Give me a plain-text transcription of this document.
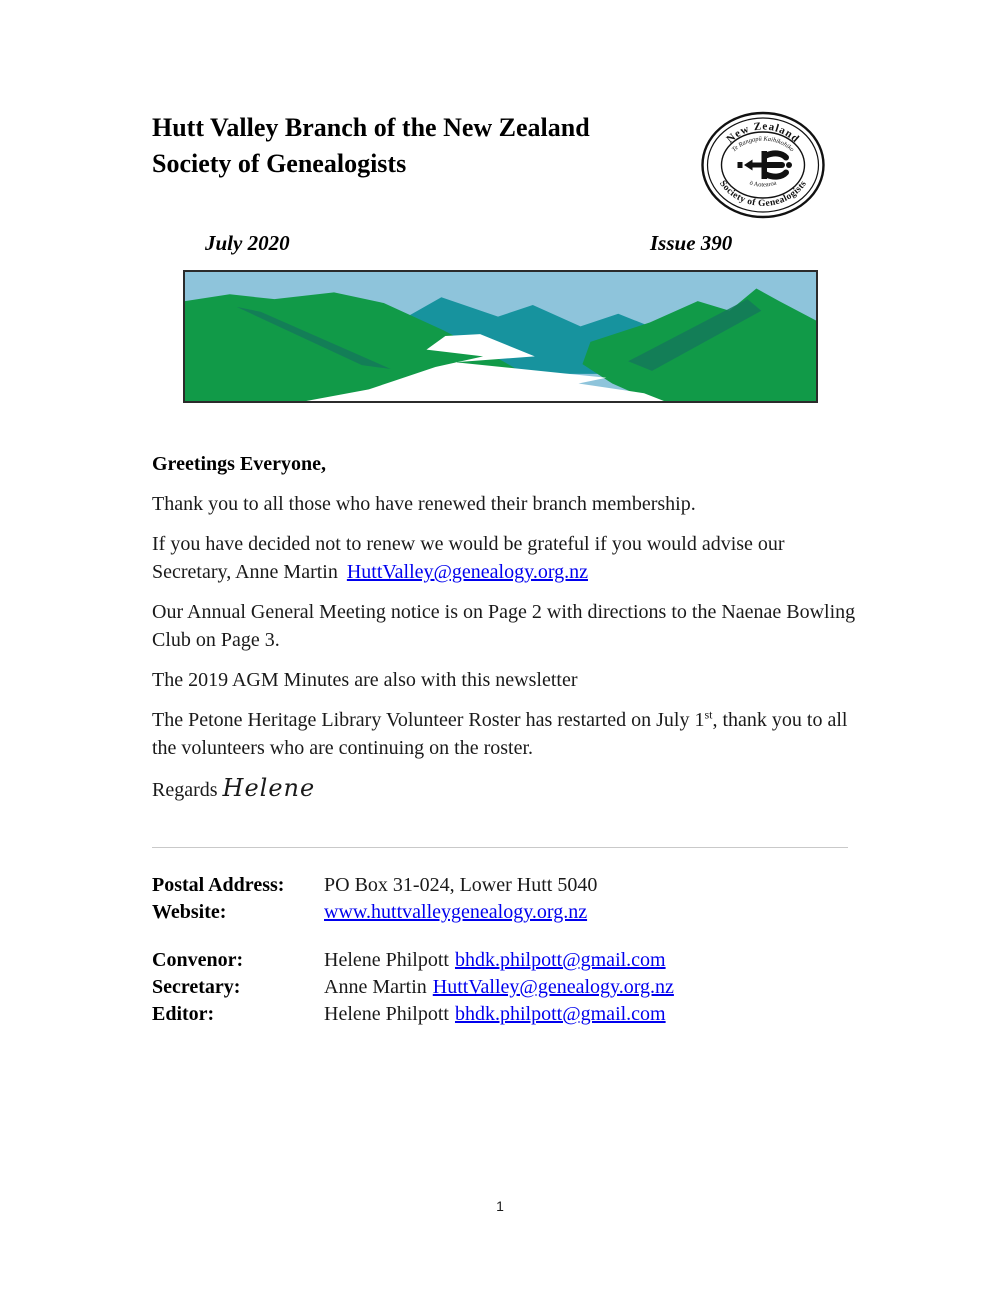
Hutt Valley Branch of the New Zealand
Society of Genealogists
New Zealand
Society of Genealogists
Te Rangapū Kaihikohiko
ō Aotearoa
July 2020	Issue 390

Greetings Everyone,

Thank you to all those who have renewed their branch membership.

If you have decided not to renew we would be grateful if you would advise our Secretary, Anne Martin HuttValley@genealogy.org.nz

Our Annual General Meeting notice is on Page 2 with directions to the Naenae Bowling Club on Page 3.

The 2019 AGM Minutes are also with this newsletter

The Petone Heritage Library Volunteer Roster has restarted on July 1st, thank you to all the volunteers who are continuing on the roster.

Regards Helene

Postal Address:	PO Box 31-024, Lower Hutt 5040
Website:	www.huttvalleygenealogy.org.nz
Convenor:	Helene Philpott bhdk.philpott@gmail.com
Secretary:	Anne Martin HuttValley@genealogy.org.nz
Editor:	Helene Philpott bhdk.philpott@gmail.com
1
